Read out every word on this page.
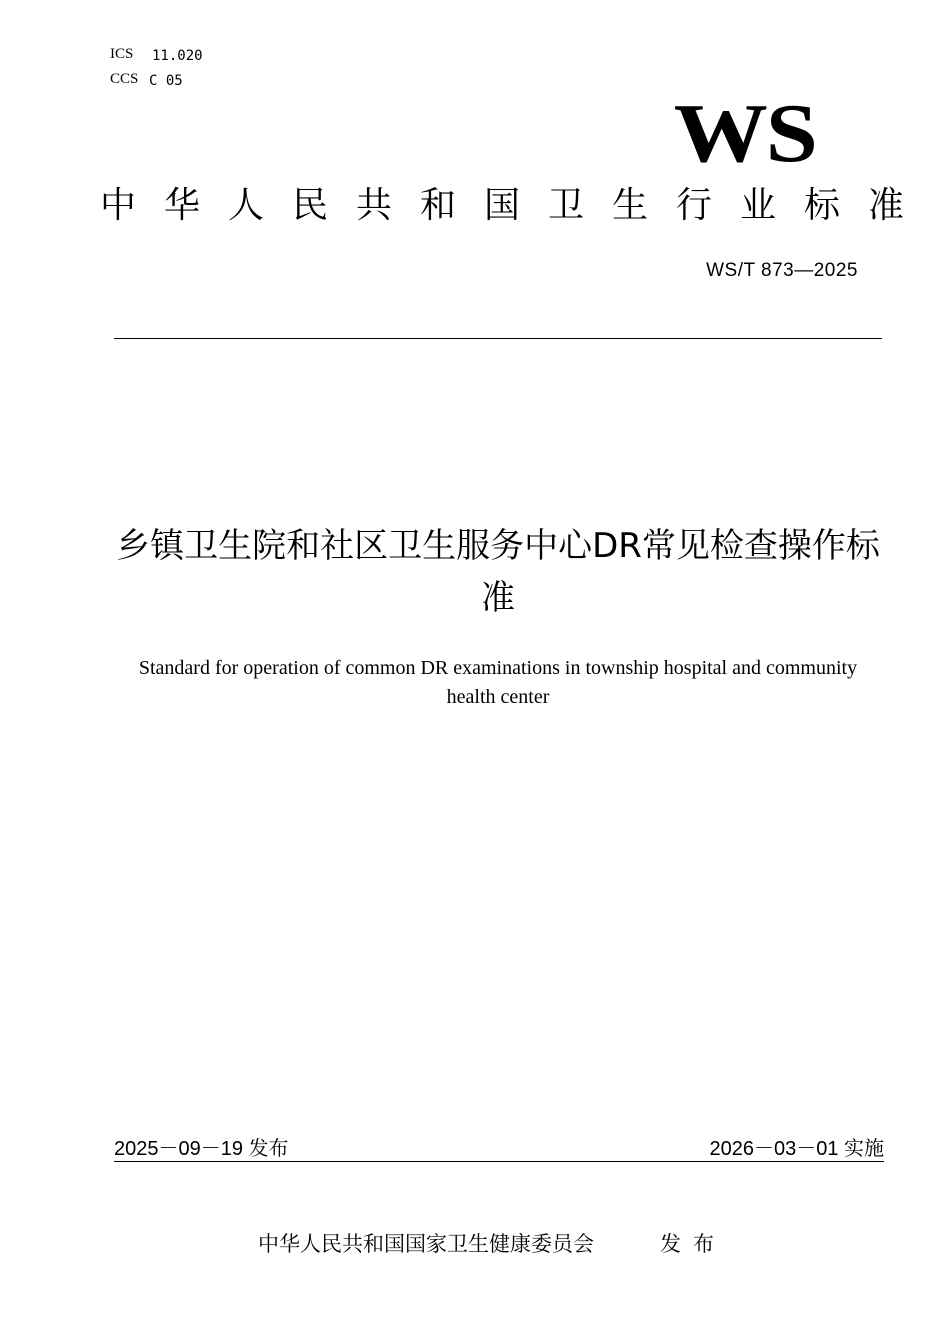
ICS 11.020
CCS C 05
WS
中华人民共和国卫生行业标准
WS/T 873—2025
乡镇卫生院和社区卫生服务中心DR常见检查操作标准
Standard for operation of common DR examinations in township hospital and community health center
2025－09－19 发布	2026－03－01 实施
中华人民共和国国家卫生健康委员会	发布
